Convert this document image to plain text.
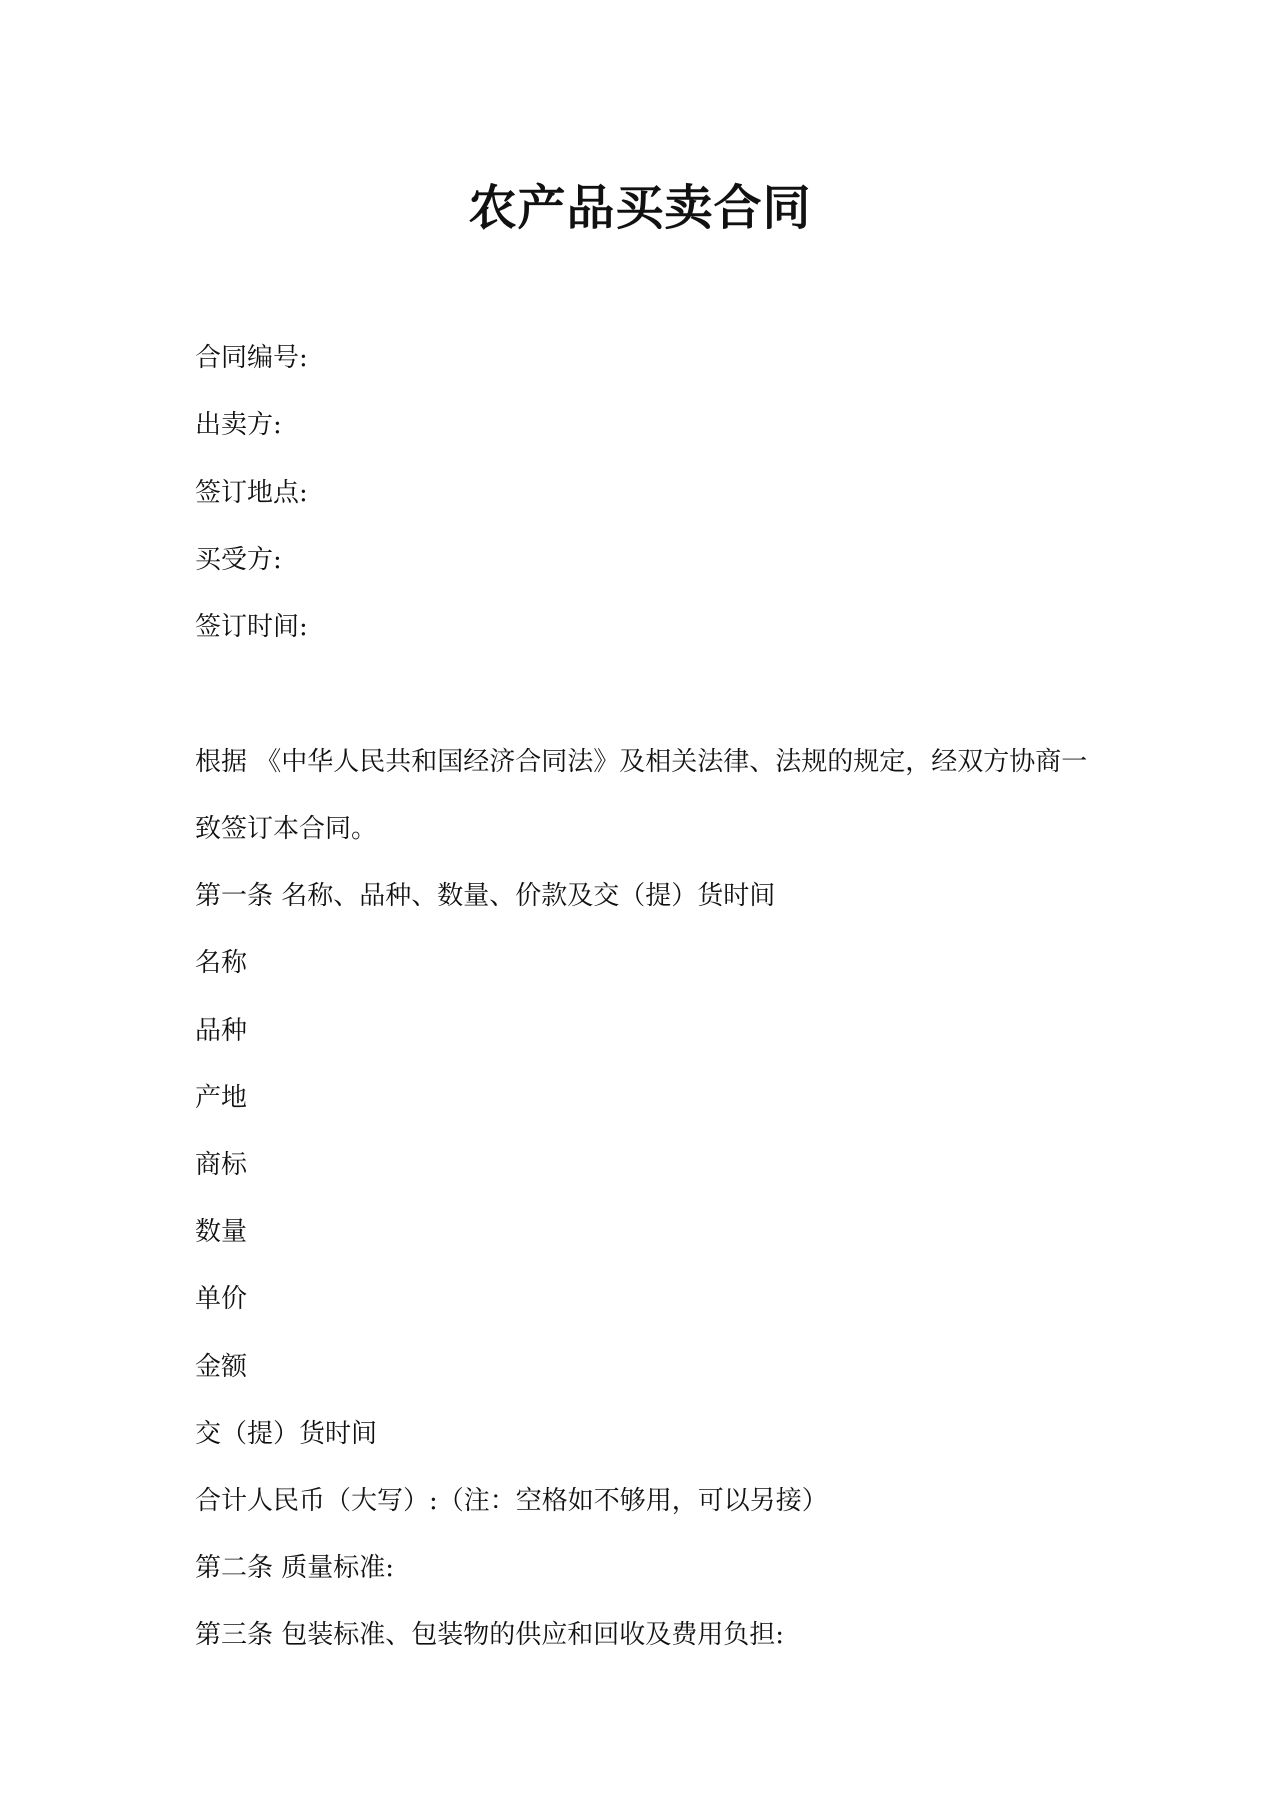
农产品买卖合同
合同编号:
出卖方:
签订地点:
买受方:
签订时间:
根据 《中华人民共和国经济合同法》及相关法律、法规的规定，经双方协商一
致签订本合同。
第一条 名称、品种、数量、价款及交（提）货时间
名称
品种
产地
商标
数量
单价
金额
交（提）货时间
合计人民币（大写）:（注：空格如不够用，可以另接）
第二条 质量标准:
第三条 包装标准、包装物的供应和回收及费用负担:
